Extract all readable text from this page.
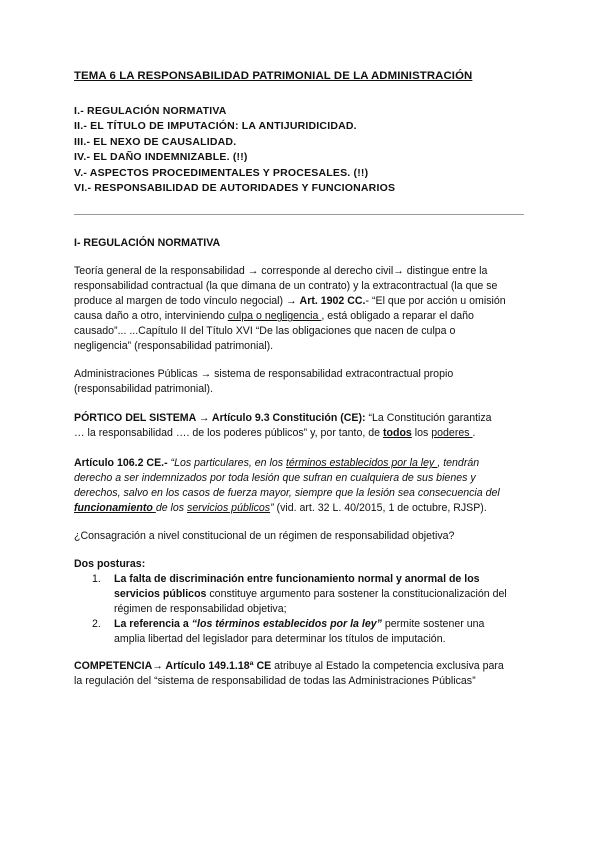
TEMA 6 LA RESPONSABILIDAD PATRIMONIAL DE LA ADMINISTRACIÓN
I.- REGULACIÓN NORMATIVA
II.- EL TÍTULO DE IMPUTACIÓN: LA ANTIJURIDICIDAD.
III.- EL NEXO DE CAUSALIDAD.
IV.- EL DAÑO INDEMNIZABLE. (!!)
V.- ASPECTOS PROCEDIMENTALES Y PROCESALES. (!!)
VI.- RESPONSABILIDAD DE AUTORIDADES Y FUNCIONARIOS
I- REGULACIÓN NORMATIVA
Teoría general de la responsabilidad → corresponde al derecho civil→ distingue entre la
responsabilidad contractual (la que dimana de un contrato) y la extracontractual (la que se
produce al margen de todo vínculo negocial) → Art. 1902 CC.- “El que por acción u omisión
causa daño a otro, interviniendo culpa o negligencia , está obligado a reparar el daño
causado”... ...Capítulo II del Título XVI “De las obligaciones que nacen de culpa o
negligencia” (responsabilidad patrimonial).
Administraciones Públicas → sistema de responsabilidad extracontractual propio
(responsabilidad patrimonial).
PÓRTICO DEL SISTEMA → Artículo 9.3 Constitución (CE): “La Constitución garantiza
… la responsabilidad …. de los poderes públicos” y, por tanto, de todos los poderes .
Artículo 106.2 CE.- “Los particulares, en los términos establecidos por la ley , tendrán
derecho a ser indemnizados por toda lesión que sufran en cualquiera de sus bienes y
derechos, salvo en los casos de fuerza mayor, siempre que la lesión sea consecuencia del
funcionamiento de los servicios públicos” (vid. art. 32 L. 40/2015, 1 de octubre, RJSP).
¿Consagración a nivel constitucional de un régimen de responsabilidad objetiva?
Dos posturas:
1. La falta de discriminación entre funcionamiento normal y anormal de los
servicios públicos constituye argumento para sostener la constitucionalización del
régimen de responsabilidad objetiva;
2. La referencia a “los términos establecidos por la ley” permite sostener una
amplia libertad del legislador para determinar los títulos de imputación.
COMPETENCIA→ Artículo 149.1.18ª CE atribuye al Estado la competencia exclusiva para
la regulación del “sistema de responsabilidad de todas las Administraciones Públicas”
